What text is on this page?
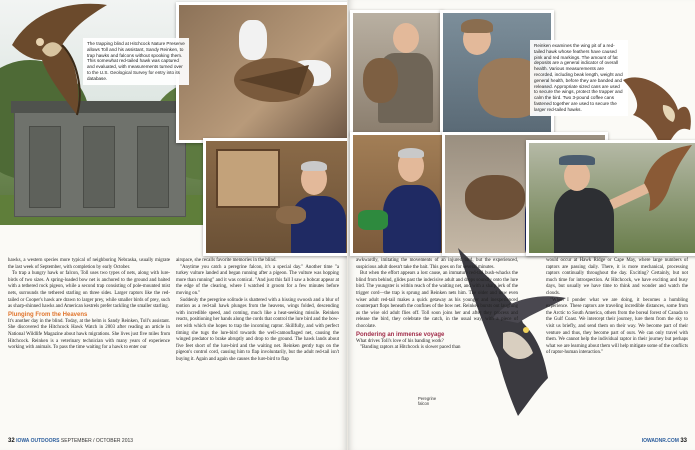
The trapping blind at Hitchcock Nature Preserve allows Toll and his assistant, Sandy Reinken, to trap hawks and falcons without spooking them. This somewhat red-tailed hawk was captured and evaluated, with measurements turned over to the U.S. Geological Survey for entry into its database.

hawks, a western species more typical of neighboring Nebraska, usually migrate the last week of September, with completion by early October.

To trap a hungry hawk or falcon, Toll uses two types of nets, along with lure-birds of two sizes. A spring-loaded bow net is anchored to the ground and baited with a tethered rock pigeon, while a second trap consisting of pole-mounted mist nets, surrounds the tethered starling on three sides. Larger raptors like the red-tailed or Cooper's hawk are drawn to larger prey, while smaller birds of prey, such as sharp-shinned hawks and American kestrels prefer tackling the smaller starling.

Plunging From the Heavens

It's another day in the blind. Today, at the helm is Sandy Reinken, Toll's assistant. She discovered the Hitchcock Hawk Watch in 2003 after reading an article in National Wildlife Magazine about hawk migrations. She lives just five miles from Hitchcock. Reinken is a veterinary technician with many years of experience working with animals. To pass the time waiting for a hawk to enter our

airspace, she recalls favorite memories in the blind.

"Anytime you catch a peregrine falcon, it's a special day." Another time "a turkey vulture landed and began running after a pigeon. The vulture was hopping more than running" and it was comical. "And just this fall I saw a bobcat appear at the edge of the clearing, where I watched it groom for a few minutes before moving on."

Suddenly the peregrine solitude is shattered with a hissing swoosh and a blur of motion as a red-tail hawk plunges from the heavens, wings folded, descending with incredible speed, and coming, much like a heat-seeking missile. Reinken reacts, positioning her hands along the cords that control the lure bird and the bow-net with which she hopes to trap the incoming raptor. Skillfully, and with perfect timing she tugs the lure-bird towards the well-camouflaged net, causing the winged predator to brake abruptly and drop to the ground. The hawk lands about five feet short of the lure-bird and the waiting net. Reinken gently tugs on the pigeon's control cord, causing him to flap involuntarily, but the adult red-tail isn't buying it. Again and again she causes the lure-bird to flap

32 IOWA OUTDOORS SEPTEMBER / OCTOBER 2013
Reinken examines the wing pit of a red-tailed hawk whose feathers have caused pink and red markings. The amount of fat deposits are a general indicator of overall health. Various measurements are recorded, including beak length, weight and general health, before they are banded and released. Appropriate sized cans are used to secure the wings, protect the trapper and calm the bird. Two 3-pound coffee cans fastened together are used to secure the larger red-tailed hawks.
Peregrine falcon

awkwardly, imitating the movements of an injured bird, but the experienced, suspicious adult doesn't take the bait. This goes on for several minutes.

But when the effort appears a lost cause, an immature red-tail bush-whacks the blind from behind, glides past the indecisive adult and drops soundly onto the lure bird. The youngster is within reach of the waiting net, and with a sharp jerk of the trigger cord—the trap is sprung and Reinken nets him. The older and now even wiser adult red-tail makes a quick getaway as his younger and inexperienced counterpart flops beneath the confines of the bow net. Reinken bursts out laughing as the wise old adult flies off. Toll soon joins her and after they process and release the bird, they celebrate the catch, in the usual way, with a piece of chocolate.

Pondering an immense voyage

What drives Toll's love of his banding work?

"Banding raptors at Hitchcock is slower paced than

would occur at Hawk Ridge or Cape May, where large numbers of raptors are passing daily. There, it is more mechanical, processing raptors continually throughout the day. Exciting? Certainly, but not much time for introspection. At Hitchcock, we have exciting and busy days, but usually we have time to think and wonder and watch the clouds.

"When I ponder what we are doing, it becomes a humbling experience. These raptors are traveling incredible distances, some from the Arctic to South America, others from the boreal forest of Canada to the Gulf Coast. We intercept their journey, lure them from the sky to visit us briefly, and send them on their way. We become part of their venture and thus, they become part of ours. We can only travel with them. We cannot help the individual raptor in their journey but perhaps what we are learning about them will help mitigate some of the conflicts of raptor-human interaction."

IOWADNR.COM 33
